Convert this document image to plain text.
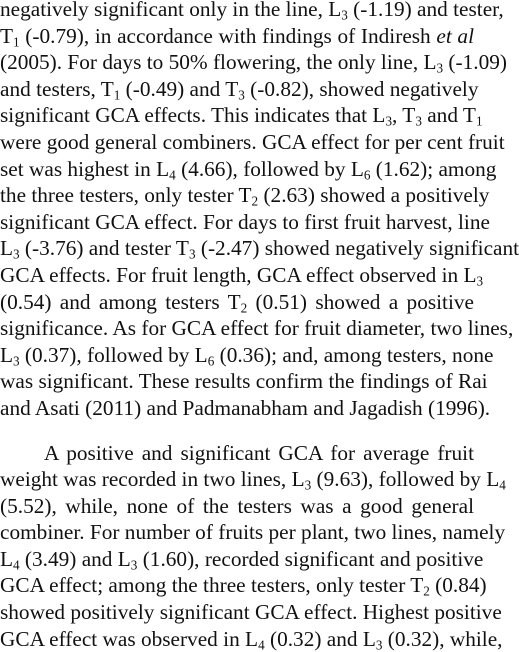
negatively significant only in the line, $L_3$ (-1.19) and tester,
$T_1$ (-0.79), in accordance with findings of Indiresh et al
(2005). For days to 50% flowering, the only line, $L_3$ (-1.09)
and testers, $T_1$ (-0.49) and $T_3$ (-0.82), showed negatively
significant GCA effects. This indicates that $L_3$, $T_3$ and $T_1$
were good general combiners. GCA effect for per cent fruit
set was highest in $L_4$ (4.66), followed by $L_6$ (1.62); among
the three testers, only tester $T_2$ (2.63) showed a positively
significant GCA effect. For days to first fruit harvest, line
$L_3$ (-3.76) and tester $T_3$ (-2.47) showed negatively significant
GCA effects. For fruit length, GCA effect observed in $L_3$
(0.54) and among testers $T_2$ (0.51) showed a positive
significance. As for GCA effect for fruit diameter, two lines,
$L_3$ (0.37), followed by $L_6$ (0.36); and, among testers, none
was significant. These results confirm the findings of Rai
and Asati (2011) and Padmanabham and Jagadish (1996).
A positive and significant GCA for average fruit
weight was recorded in two lines, $L_3$ (9.63), followed by $L_4$
(5.52), while, none of the testers was a good general
combiner. For number of fruits per plant, two lines, namely
$L_4$ (3.49) and $L_3$ (1.60), recorded significant and positive
GCA effect; among the three testers, only tester $T_2$ (0.84)
showed positively significant GCA effect. Highest positive
GCA effect was observed in $L_4$ (0.32) and $L_3$ (0.32), while,
